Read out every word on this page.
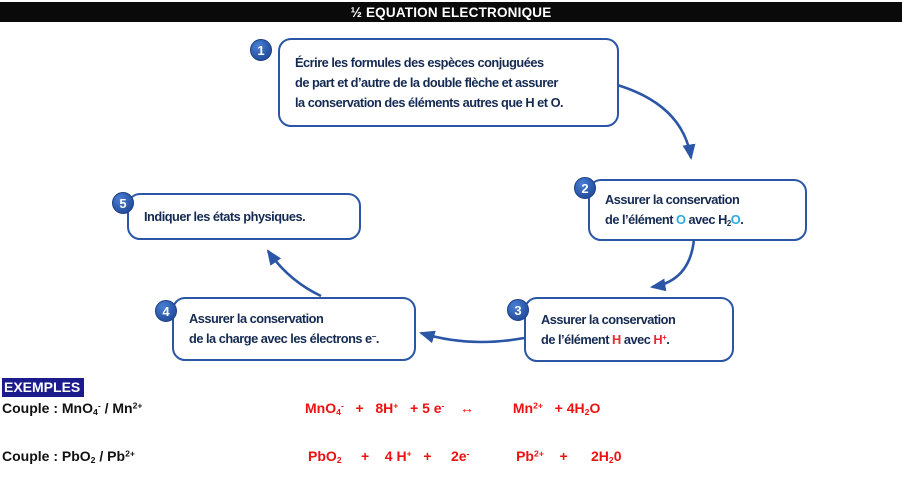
½ EQUATION ELECTRONIQUE
Écrire les formules des espèces conjuguées
de part et d’autre de la double flèche et assurer
la conservation des éléments autres que H et O.
1
Assurer la conservation
de l’élément O avec $H_2O$.
2
Assurer la conservation
de l’élément H avec H+.
3
Assurer la conservation
de la charge avec les électrons e−.
4
Indiquer les états physiques.
5
EXEMPLES
Couple : $MnO_4^- / Mn^{2+}$	MnO$_4$-   +   8H+   + 5 e-    ↔          $Mn^{2+} + 4H_2O$
Couple : $PbO_2 / Pb^{2+}$	PbO$_2$     +    4 H+   +     2e-            $Pb^{2+}$    +      $2H_20$
